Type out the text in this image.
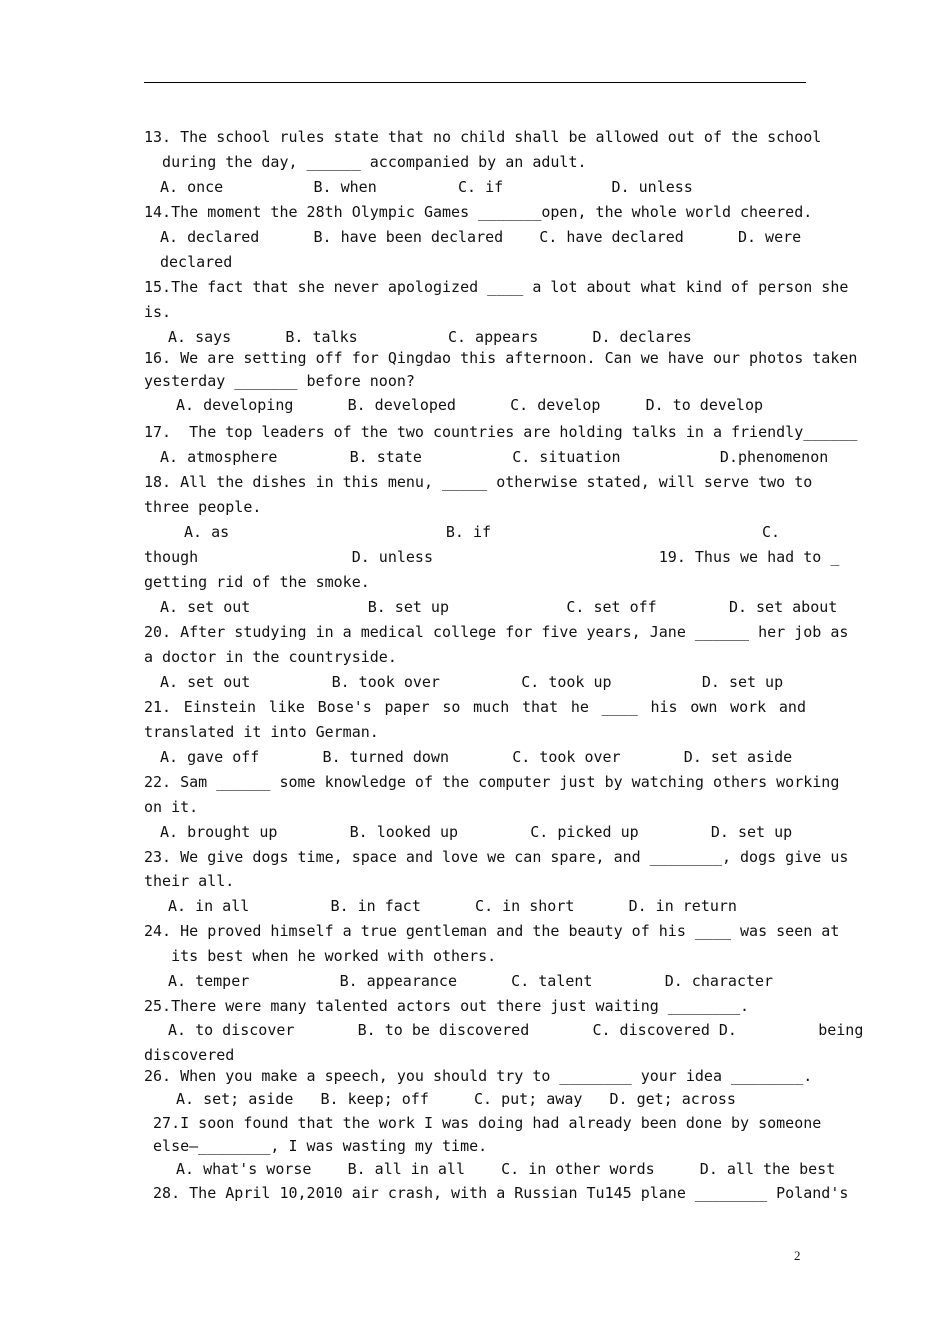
13. The school rules state that no child shall be allowed out of the school
during the day, ______ accompanied by an adult.
A. once          B. when         C. if            D. unless
14.The moment the 28th Olympic Games _______open, the whole world cheered.
A. declared      B. have been declared    C. have declared      D. were
declared
15.The fact that she never apologized ____ a lot about what kind of person she
is.
A. says      B. talks          C. appears      D. declares
16. We are setting off for Qingdao this afternoon. Can we have our photos taken
yesterday _______ before noon?
A. developing      B. developed      C. develop     D. to develop
17.  The top leaders of the two countries are holding talks in a friendly______
A. atmosphere        B. state          C. situation           D.phenomenon
18. All the dishes in this menu, _____ otherwise stated, will serve two to
three people.
A. as                        B. if                              C.
though                 D. unless                         19. Thus we had to _
getting rid of the smoke.
A. set out             B. set up             C. set off        D. set about
20. After studying in a medical college for five years, Jane ______ her job as
a doctor in the countryside.
A. set out         B. took over         C. took up          D. set up
21. Einstein like Bose's paper so much that he ____ his own work and
translated it into German.
A. gave off       B. turned down       C. took over       D. set aside
22. Sam ______ some knowledge of the computer just by watching others working
on it.
A. brought up        B. looked up        C. picked up        D. set up
23. We give dogs time, space and love we can spare, and ________, dogs give us
their all.
A. in all         B. in fact      C. in short      D. in return
24. He proved himself a true gentleman and the beauty of his ____ was seen at
its best when he worked with others.
A. temper          B. appearance      C. talent        D. character
25.There were many talented actors out there just waiting ________.
A. to discover       B. to be discovered       C. discovered D.         being
discovered
26. When you make a speech, you should try to ________ your idea ________.
A. set; aside   B. keep; off     C. put; away   D. get; across
27.I soon found that the work I was doing had already been done by someone
else—________, I was wasting my time.
A. what's worse    B. all in all    C. in other words     D. all the best
28. The April 10,2010 air crash, with a Russian Tu145 plane ________ Poland's
2
